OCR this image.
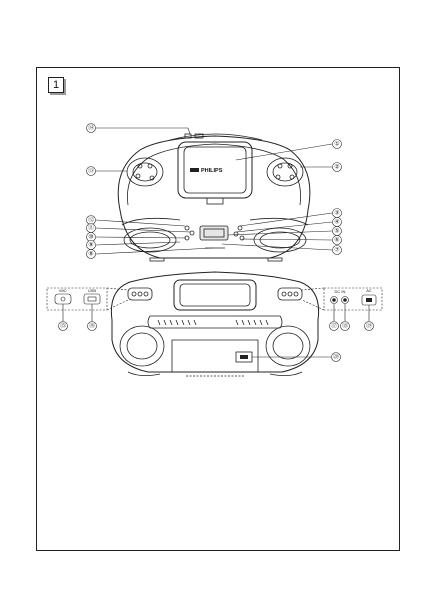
1
PHILIPS
⑭
⑬
①
②
⑫
⑪
⑩
⑨
⑧
③
④
⑤
⑥
⑦
MIC	USB	DC IN	AC
⑮	⑯	⑰ ⑱	⑲
⑳
